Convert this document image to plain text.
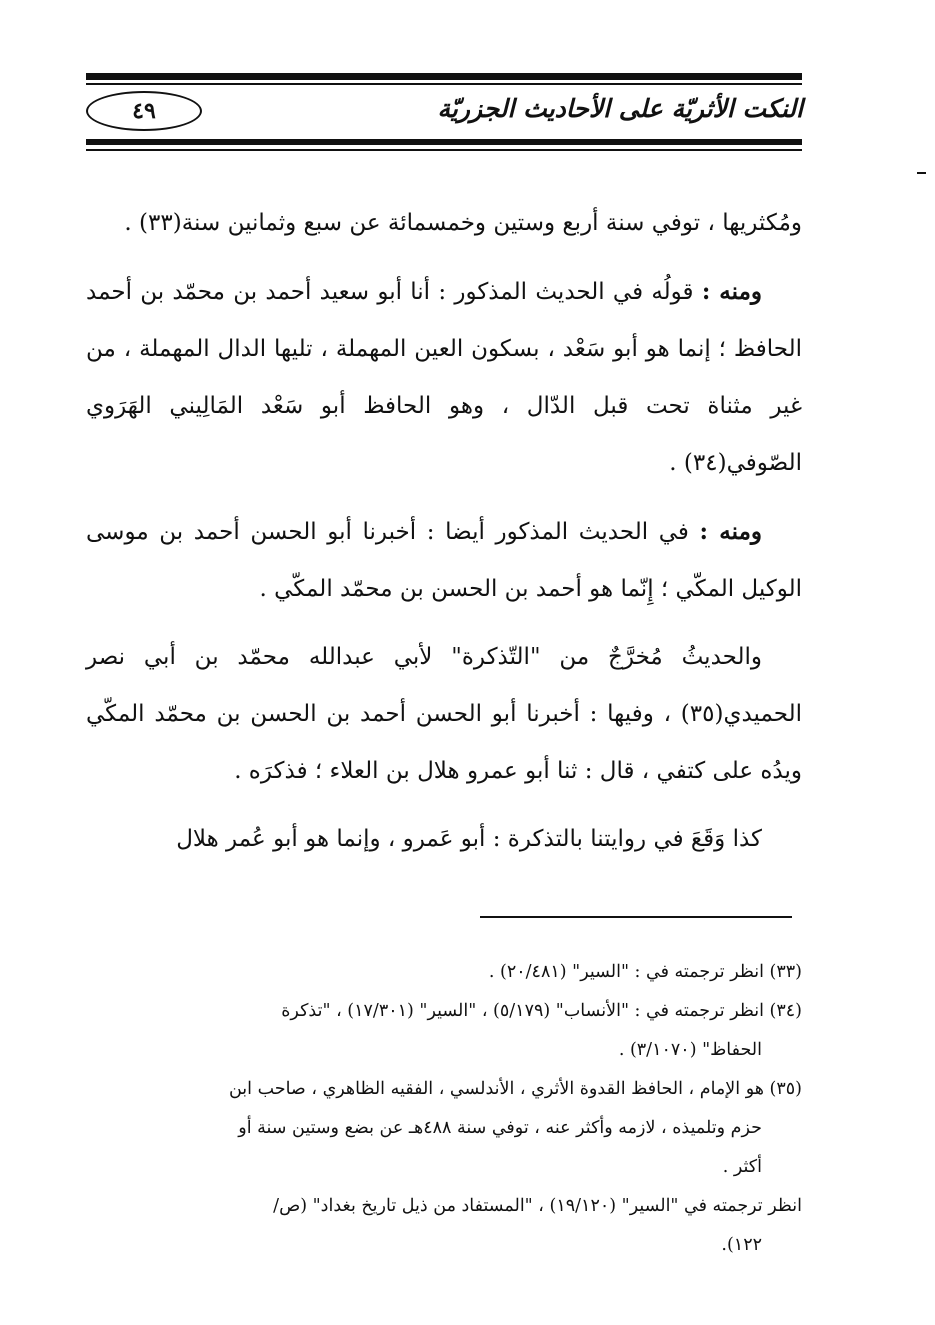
النكت الأثريّة على الأحاديث الجزريّة
٤٩

ومُكثريها ، توفي سنة أربع وستين وخمسمائة عن سبع وثمانين سنة(٣٣) .

ومنه : قولُه في الحديث المذكور : أنا أبو سعيد أحمد بن محمّد بن أحمد الحافظ ؛ إنما هو أبو سَعْد ، بسكون العين المهملة ، تليها الدال المهملة ، من غير مثناة تحت قبل الدّال ، وهو الحافظ أبو سَعْد المَالِيني الهَرَوي الصّوفي(٣٤) .

ومنه : في الحديث المذكور أيضا : أخبرنا أبو الحسن أحمد بن موسى الوكيل المكّي ؛ إِنّما هو أحمد بن الحسن بن محمّد المكّي .

والحديثُ مُخرَّجٌ من "التّذكرة" لأبي عبدالله محمّد بن أبي نصر الحميدي(٣٥) ، وفيها : أخبرنا أبو الحسن أحمد بن الحسن بن محمّد المكّي ويدُه على كتفي ، قال : ثنا أبو عمرو هلال بن العلاء ؛ فذكرَه .

كذا وَقَعَ في روايتنا بالتذكرة : أبو عَمرو ، وإنما هو أبو عُمر هلال

(٣٣) انظر ترجمته في : "السير" (٢٠/٤٨١) .

(٣٤) انظر ترجمته في : "الأنساب" (٥/١٧٩) ، "السير" (١٧/٣٠١) ، "تذكرة

الحفاظ" (٣/١٠٧٠) .

(٣٥) هو الإمام ، الحافظ القدوة الأثري ، الأندلسي ، الفقيه الظاهري ، صاحب ابن

حزم وتلميذه ، لازمه وأكثر عنه ، توفي سنة ٤٨٨هـ عن بضع وستين سنة أو

أكثر .

انظر ترجمته في "السير" (١٩/١٢٠) ، "المستفاد من ذيل تاريخ بغداد" (ص/

١٢٢).
